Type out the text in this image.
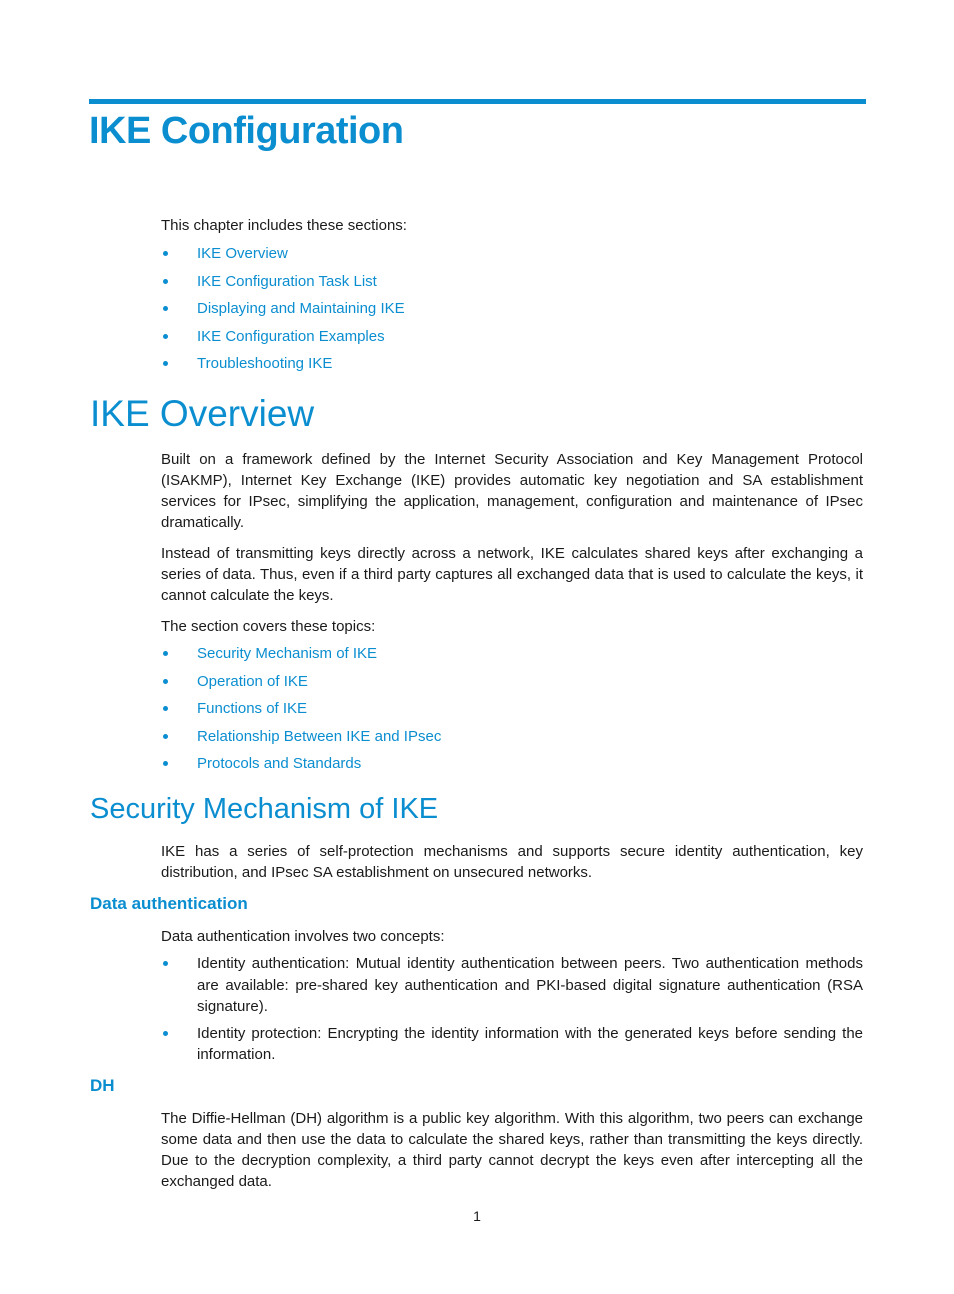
IKE Configuration

This chapter includes these sections:

IKE Overview
IKE Configuration Task List
Displaying and Maintaining IKE
IKE Configuration Examples
Troubleshooting IKE
IKE Overview

Built on a framework defined by the Internet Security Association and Key Management Protocol (ISAKMP), Internet Key Exchange (IKE) provides automatic key negotiation and SA establishment services for IPsec, simplifying the application, management, configuration and maintenance of IPsec dramatically.

Instead of transmitting keys directly across a network, IKE calculates shared keys after exchanging a series of data. Thus, even if a third party captures all exchanged data that is used to calculate the keys, it cannot calculate the keys.

The section covers these topics:

Security Mechanism of IKE
Operation of IKE
Functions of IKE
Relationship Between IKE and IPsec
Protocols and Standards
Security Mechanism of IKE

IKE has a series of self-protection mechanisms and supports secure identity authentication, key distribution, and IPsec SA establishment on unsecured networks.

Data authentication

Data authentication involves two concepts:

Identity authentication: Mutual identity authentication between peers. Two authentication methods are available: pre-shared key authentication and PKI-based digital signature authentication (RSA signature).
Identity protection: Encrypting the identity information with the generated keys before sending the information.
DH

The Diffie-Hellman (DH) algorithm is a public key algorithm. With this algorithm, two peers can exchange some data and then use the data to calculate the shared keys, rather than transmitting the keys directly. Due to the decryption complexity, a third party cannot decrypt the keys even after intercepting all the exchanged data.

1
